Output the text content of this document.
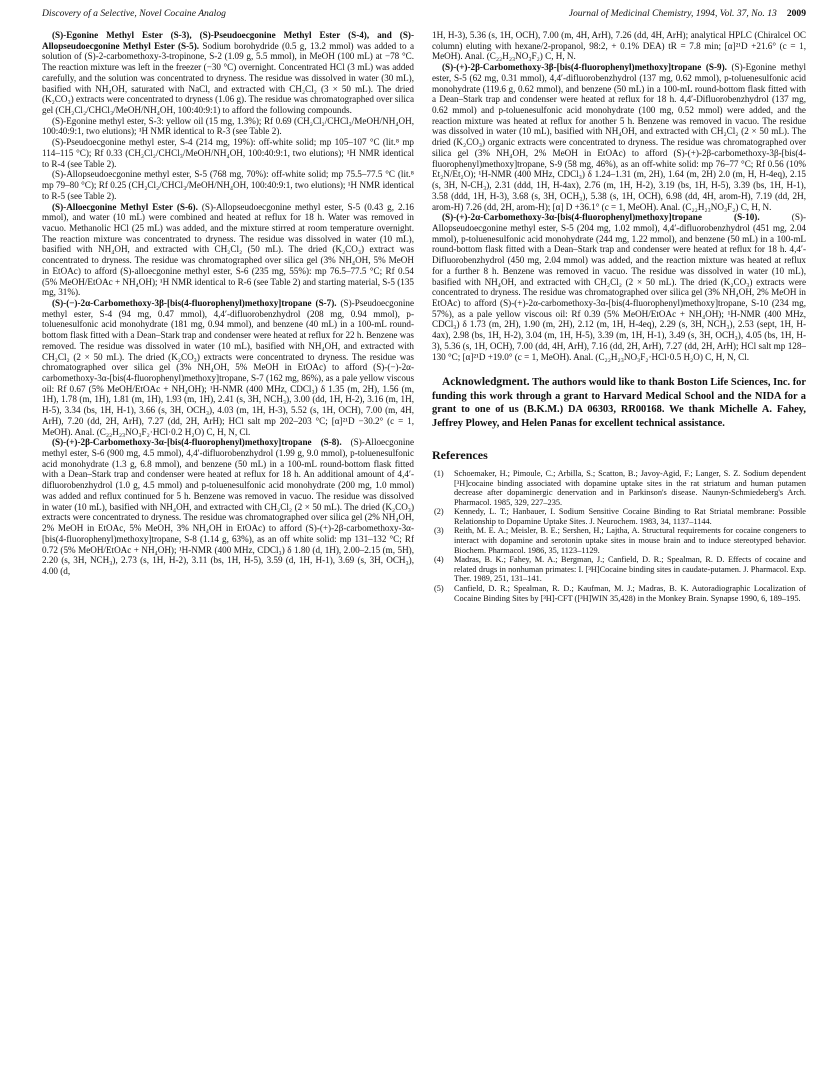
Discovery of a Selective, Novel Cocaine Analog	Journal of Medicinal Chemistry, 1994, Vol. 37, No. 13 2009

(S)-Egonine Methyl Ester (S-3), (S)-Pseudoecgonine Methyl Ester (S-4), and (S)-Allopseudoecgonine Methyl Ester (S-5). Sodium borohydride (0.5 g, 13.2 mmol) was added to a solution of (S)-2-carbomethoxy-3-tropinone, S-2 (1.09 g, 5.5 mmol), in MeOH (100 mL) at −78 °C. The reaction mixture was left in the freezer (−30 °C) overnight. Concentrated HCl (3 mL) was added carefully, and the solution was concentrated to dryness. The residue was dissolved in water (30 mL), basified with NH₄OH, saturated with NaCl, and extracted with CH₂Cl₂ (3 × 50 mL). The dried (K₂CO₃) extracts were concentrated to dryness (1.06 g). The residue was chromatographed over silica gel (CH₂Cl₂/CHCl₃/MeOH/NH₄OH, 100:40:9:1) to afford the following compounds.

(S)-Egonine methyl ester, S-3: yellow oil (15 mg, 1.3%); Rf 0.69 (CH₂Cl₂/CHCl₃/MeOH/NH₄OH, 100:40:9:1, two elutions); ¹H NMR identical to R-3 (see Table 2).

(S)-Pseudoecgonine methyl ester, S-4 (214 mg, 19%): off-white solid; mp 105–107 °C (lit.⁸ mp 114–115 °C); Rf 0.33 (CH₂Cl₂/CHCl₃/MeOH/NH₄OH, 100:40:9:1, two elutions); ¹H NMR identical to R-4 (see Table 2).

(S)-Allopseudoecgonine methyl ester, S-5 (768 mg, 70%): off-white solid; mp 75.5–77.5 °C (lit.⁸ mp 79–80 °C); Rf 0.25 (CH₂Cl₂/CHCl₃/MeOH/NH₄OH, 100:40:9:1, two elutions); ¹H NMR identical to R-5 (see Table 2).

(S)-Alloecgonine Methyl Ester (S-6). (S)-Allopseudoecgonine methyl ester, S-5 (0.43 g, 2.16 mmol), and water (10 mL) were combined and heated at reflux for 18 h. Water was removed in vacuo. Methanolic HCl (25 mL) was added, and the mixture stirred at room temperature overnight. The reaction mixture was concentrated to dryness. The residue was dissolved in water (10 mL), basified with NH₄OH, and extracted with CH₂Cl₂ (50 mL). The dried (K₂CO₃) extract was concentrated to dryness. The residue was chromatographed over silica gel (3% NH₄OH, 5% MeOH in EtOAc) to afford (S)-alloecgonine methyl ester, S-6 (235 mg, 55%): mp 76.5–77.5 °C; Rf 0.54 (5% MeOH/EtOAc + NH₄OH); ¹H NMR identical to R-6 (see Table 2) and starting material, S-5 (135 mg, 31%).

(S)-(−)-2α-Carbomethoxy-3β-[bis(4-fluorophenyl)methoxy]tropane (S-7). (S)-Pseudoecgonine methyl ester, S-4 (94 mg, 0.47 mmol), 4,4′-difluorobenzhydrol (208 mg, 0.94 mmol), p-toluenesulfonic acid monohydrate (181 mg, 0.94 mmol), and benzene (40 mL) in a 100-mL round-bottom flask fitted with a Dean–Stark trap and condenser were heated at reflux for 22 h. Benzene was removed. The residue was dissolved in water (10 mL), basified with NH₄OH, and extracted with CH₂Cl₂ (2 × 50 mL). The dried (K₂CO₃) extracts were concentrated to dryness. The residue was chromatographed over silica gel (3% NH₄OH, 5% MeOH in EtOAc) to afford (S)-(−)-2α-carbomethoxy-3α-[bis(4-fluorophenyl)methoxy]tropane, S-7 (162 mg, 86%), as a pale yellow viscous oil: Rf 0.67 (5% MeOH/EtOAc + NH₄OH); ¹H-NMR (400 MHz, CDCl₃) δ 1.35 (m, 2H), 1.56 (m, 1H), 1.78 (m, 1H), 1.81 (m, 1H), 1.93 (m, 1H), 2.41 (s, 3H, NCH₃), 3.00 (dd, 1H, H-2), 3.16 (m, 1H, H-5), 3.34 (bs, 1H, H-1), 3.66 (s, 3H, OCH₃), 4.03 (m, 1H, H-3), 5.52 (s, 1H, OCH), 7.00 (m, 4H, ArH), 7.20 (dd, 2H, ArH), 7.27 (dd, 2H, ArH); HCl salt mp 202–203 °C; [α]²¹D −30.2° (c = 1, MeOH). Anal. (C₂₂H₂₃NO₃F₂·HCl·0.2 H₂O) C, H, N, Cl.

(S)-(+)-2β-Carbomethoxy-3α-[bis(4-fluorophenyl)methoxy]tropane (S-8). (S)-Alloecgonine methyl ester, S-6 (900 mg, 4.5 mmol), 4,4′-difluorobenzhydrol (1.99 g, 9.0 mmol), p-toluenesulfonic acid monohydrate (1.3 g, 6.8 mmol), and benzene (50 mL) in a 100-mL round-bottom flask fitted with a Dean–Stark trap and condenser were heated at reflux for 18 h. An additional amount of 4,4′-difluorobenzhydrol (1.0 g, 4.5 mmol) and p-toluenesulfonic acid monohydrate (200 mg, 1.0 mmol) was added and reflux continued for 5 h. Benzene was removed in vacuo. The residue was dissolved in water (10 mL), basified with NH₄OH, and extracted with CH₂Cl₂ (2 × 50 mL). The dried (K₂CO₃) extracts were concentrated to dryness. The residue was chromatographed over silica gel (2% NH₄OH, 2% MeOH in EtOAc, 5% MeOH, 3% NH₄OH in EtOAc) to afford (S)-(+)-2β-carbomethoxy-3α-[bis(4-fluorophenyl)methoxy]tropane, S-8 (1.14 g, 63%), as an off white solid: mp 131–132 °C; Rf 0.72 (5% MeOH/EtOAc + NH₄OH); ¹H-NMR (400 MHz, CDCl₃) δ 1.80 (d, 1H), 2.00–2.15 (m, 5H), 2.20 (s, 3H, NCH₃), 2.73 (s, 1H, H-2), 3.11 (bs, 1H, H-5), 3.59 (d, 1H, H-1), 3.69 (s, 3H, OCH₃), 4.00 (d,

1H, H-3), 5.36 (s, 1H, OCH), 7.00 (m, 4H, ArH), 7.26 (dd, 4H, ArH); analytical HPLC (Chiralcel OC column) eluting with hexane/2-propanol, 98:2, + 0.1% DEA) tR = 7.8 min; [α]²¹D +21.6° (c = 1, MeOH). Anal. (C₂₂H₂₃NO₃F₂) C, H, N.

(S)-(+)-2β-Carbomethoxy-3β-[bis(4-fluorophenyl)methoxy]tropane (S-9). (S)-Egonine methyl ester, S-5 (62 mg, 0.31 mmol), 4,4′-difluorobenzhydrol (137 mg, 0.62 mmol), p-toluenesulfonic acid monohydrate (119.6 g, 0.62 mmol), and benzene (50 mL) in a 100-mL round-bottom flask fitted with a Dean–Stark trap and condenser were heated at reflux for 18 h. 4,4′-Difluorobenzhydrol (137 mg, 0.62 mmol) and p-toluenesulfonic acid monohydrate (100 mg, 0.52 mmol) were added, and the reaction mixture was heated at reflux for another 5 h. Benzene was removed in vacuo. The residue was dissolved in water (10 mL), basified with NH₄OH, and extracted with CH₂Cl₂ (2 × 50 mL). The dried (K₂CO₃) organic extracts were concentrated to dryness. The residue was chromatographed over silica gel (3% NH₄OH, 2% MeOH in EtOAc) to afford (S)-(+)-2β-carbomethoxy-3β-[bis(4-fluorophenyl)methoxy]tropane, S-9 (58 mg, 46%), as an off-white solid: mp 76–77 °C; Rf 0.56 (10% Et₂N/Et₂O); ¹H-NMR (400 MHz, CDCl₃) δ 1.24–1.31 (m, 2H), 1.64 (m, 2H) 2.0 (m, H, H-4eq), 2.15 (s, 3H, N-CH₃), 2.31 (ddd, 1H, H-4ax), 2.76 (m, 1H, H-2), 3.19 (bs, 1H, H-5), 3.39 (bs, 1H, H-1), 3.58 (ddd, 1H, H-3), 3.68 (s, 3H, OCH₃), 5.38 (s, 1H, OCH), 6.98 (dd, 4H, arom-H), 7.19 (dd, 2H, arom-H) 7.26 (dd, 2H, arom-H); [α] D +36.1° (c = 1, MeOH). Anal. (C₂₂H₂₃NO₃F₂) C, H, N.

(S)-(+)-2α-Carbomethoxy-3α-[bis(4-fluorophenyl)methoxy]tropane (S-10). (S)-Allopseudoecgonine methyl ester, S-5 (204 mg, 1.02 mmol), 4,4′-difluorobenzhydrol (451 mg, 2.04 mmol), p-toluenesulfonic acid monohydrate (244 mg, 1.22 mmol), and benzene (50 mL) in a 100-mL round-bottom flask fitted with a Dean–Stark trap and condenser were heated at reflux for 18 h. 4,4′-Difluorobenzhydrol (450 mg, 2.04 mmol) was added, and the reaction mixture was heated at reflux for a further 8 h. Benzene was removed in vacuo. The residue was dissolved in water (10 mL), basified with NH₄OH, and extracted with CH₂Cl₂ (2 × 50 mL). The dried (K₂CO₃) extracts were concentrated to dryness. The residue was chromatographed over silica gel (3% NH₄OH, 2% MeOH in EtOAc) to afford (S)-(+)-2α-carbomethoxy-3α-[bis(4-fluorophenyl)methoxy]tropane, S-10 (234 mg, 57%), as a pale yellow viscous oil: Rf 0.39 (5% MeOH/EtOAc + NH₄OH); ¹H-NMR (400 MHz, CDCl₃) δ 1.73 (m, 2H), 1.90 (m, 2H), 2.12 (m, 1H, H-4eq), 2.29 (s, 3H, NCH₃), 2.53 (sept, 1H, H-4ax), 2.98 (bs, 1H, H-2), 3.04 (m, 1H, H-5), 3.39 (m, 1H, H-1), 3.49 (s, 3H, OCH₃), 4.05 (bs, 1H, H-3), 5.36 (s, 1H, OCH), 7.00 (dd, 4H, ArH), 7.16 (dd, 2H, ArH), 7.27 (dd, 2H, ArH); HCl salt mp 128–130 °C; [α]²¹D +19.0° (c = 1, MeOH). Anal. (C₂₂H₂₃NO₃F₂·HCl·0.5 H₂O) C, H, N, Cl.

Acknowledgment. The authors would like to thank Boston Life Sciences, Inc. for funding this work through a grant to Harvard Medical School and the NIDA for a grant to one of us (B.K.M.) DA 06303, RR00168. We thank Michelle A. Fahey, Jeffrey Plowey, and Helen Panas for excellent technical assistance.

References
(1) Schoemaker, H.; Pimoule, C.; Arbilla, S.; Scatton, B.; Javoy-Agid, F.; Langer, S. Z. Sodium dependent [³H]cocaine binding associated with dopamine uptake sites in the rat striatum and human putamen decrease after dopaminergic denervation and in Parkinson's disease. Naunyn-Schmiedeberg's Arch. Pharmacol. 1985, 329, 227–235.
(2) Kennedy, L. T.; Hanbauer, I. Sodium Sensitive Cocaine Binding to Rat Striatal membrane: Possible Relationship to Dopamine Uptake Sites. J. Neurochem. 1983, 34, 1137–1144.
(3) Reith, M. E. A.; Meisler, B. E.; Sershen, H.; Lajtha, A. Structural requirements for cocaine congeners to interact with dopamine and serotonin uptake sites in mouse brain and to induce stereotyped behavior. Biochem. Pharmacol. 1986, 35, 1123–1129.
(4) Madras, B. K.; Fahey, M. A.; Bergman, J.; Canfield, D. R.; Spealman, R. D. Effects of cocaine and related drugs in nonhuman primates: I. [³H]Cocaine binding sites in caudate-putamen. J. Pharmacol. Exp. Ther. 1989, 251, 131–141.
(5) Canfield, D. R.; Spealman, R. D.; Kaufman, M. J.; Madras, B. K. Autoradiographic Localization of Cocaine Binding Sites by [³H]-CFT ([³H]WIN 35,428) in the Monkey Brain. Synapse 1990, 6, 189–195.
